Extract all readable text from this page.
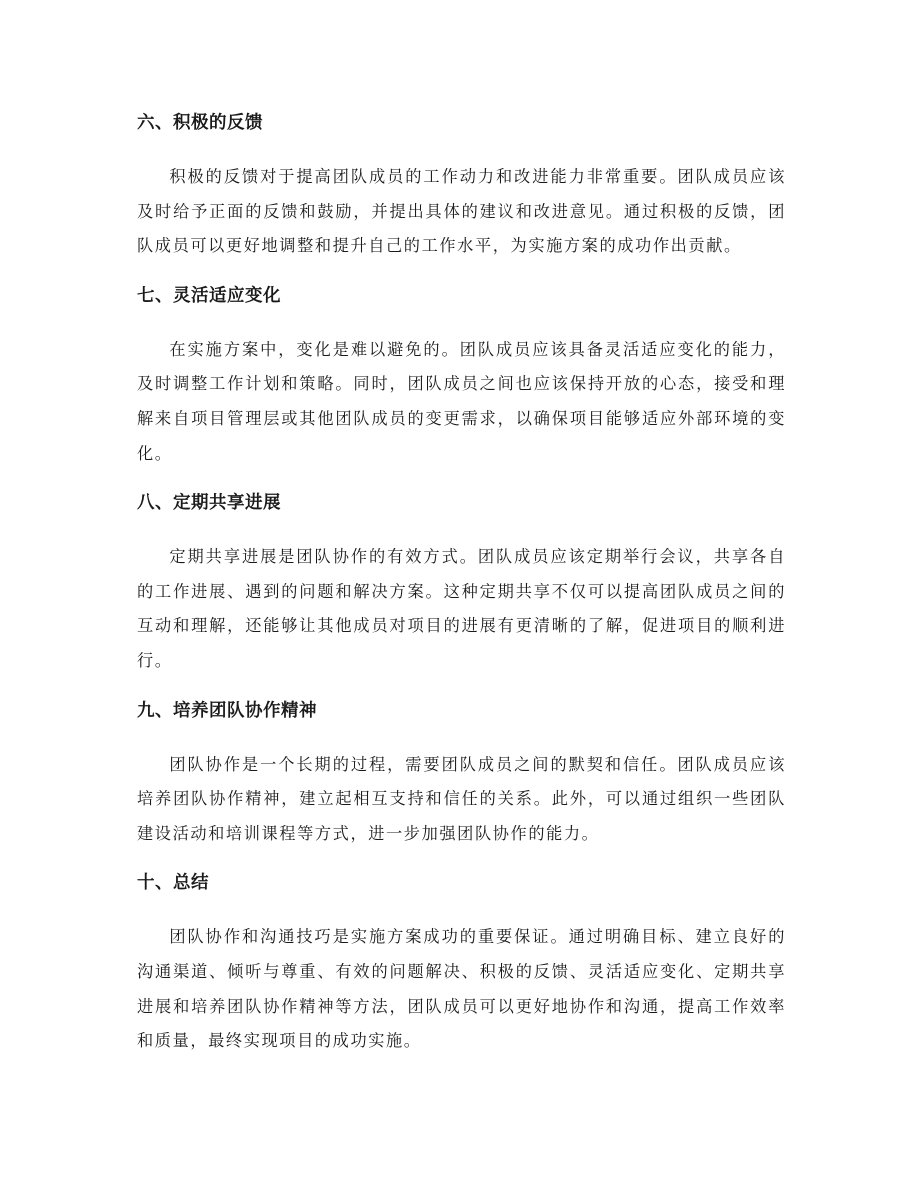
六、积极的反馈

积极的反馈对于提高团队成员的工作动力和改进能力非常重要。团队成员应该及时给予正面的反馈和鼓励，并提出具体的建议和改进意见。通过积极的反馈，团队成员可以更好地调整和提升自己的工作水平，为实施方案的成功作出贡献。

七、灵活适应变化

在实施方案中，变化是难以避免的。团队成员应该具备灵活适应变化的能力，及时调整工作计划和策略。同时，团队成员之间也应该保持开放的心态，接受和理解来自项目管理层或其他团队成员的变更需求，以确保项目能够适应外部环境的变化。

八、定期共享进展

定期共享进展是团队协作的有效方式。团队成员应该定期举行会议，共享各自的工作进展、遇到的问题和解决方案。这种定期共享不仅可以提高团队成员之间的互动和理解，还能够让其他成员对项目的进展有更清晰的了解，促进项目的顺利进行。

九、培养团队协作精神

团队协作是一个长期的过程，需要团队成员之间的默契和信任。团队成员应该培养团队协作精神，建立起相互支持和信任的关系。此外，可以通过组织一些团队建设活动和培训课程等方式，进一步加强团队协作的能力。

十、总结

团队协作和沟通技巧是实施方案成功的重要保证。通过明确目标、建立良好的沟通渠道、倾听与尊重、有效的问题解决、积极的反馈、灵活适应变化、定期共享进展和培养团队协作精神等方法，团队成员可以更好地协作和沟通，提高工作效率和质量，最终实现项目的成功实施。
